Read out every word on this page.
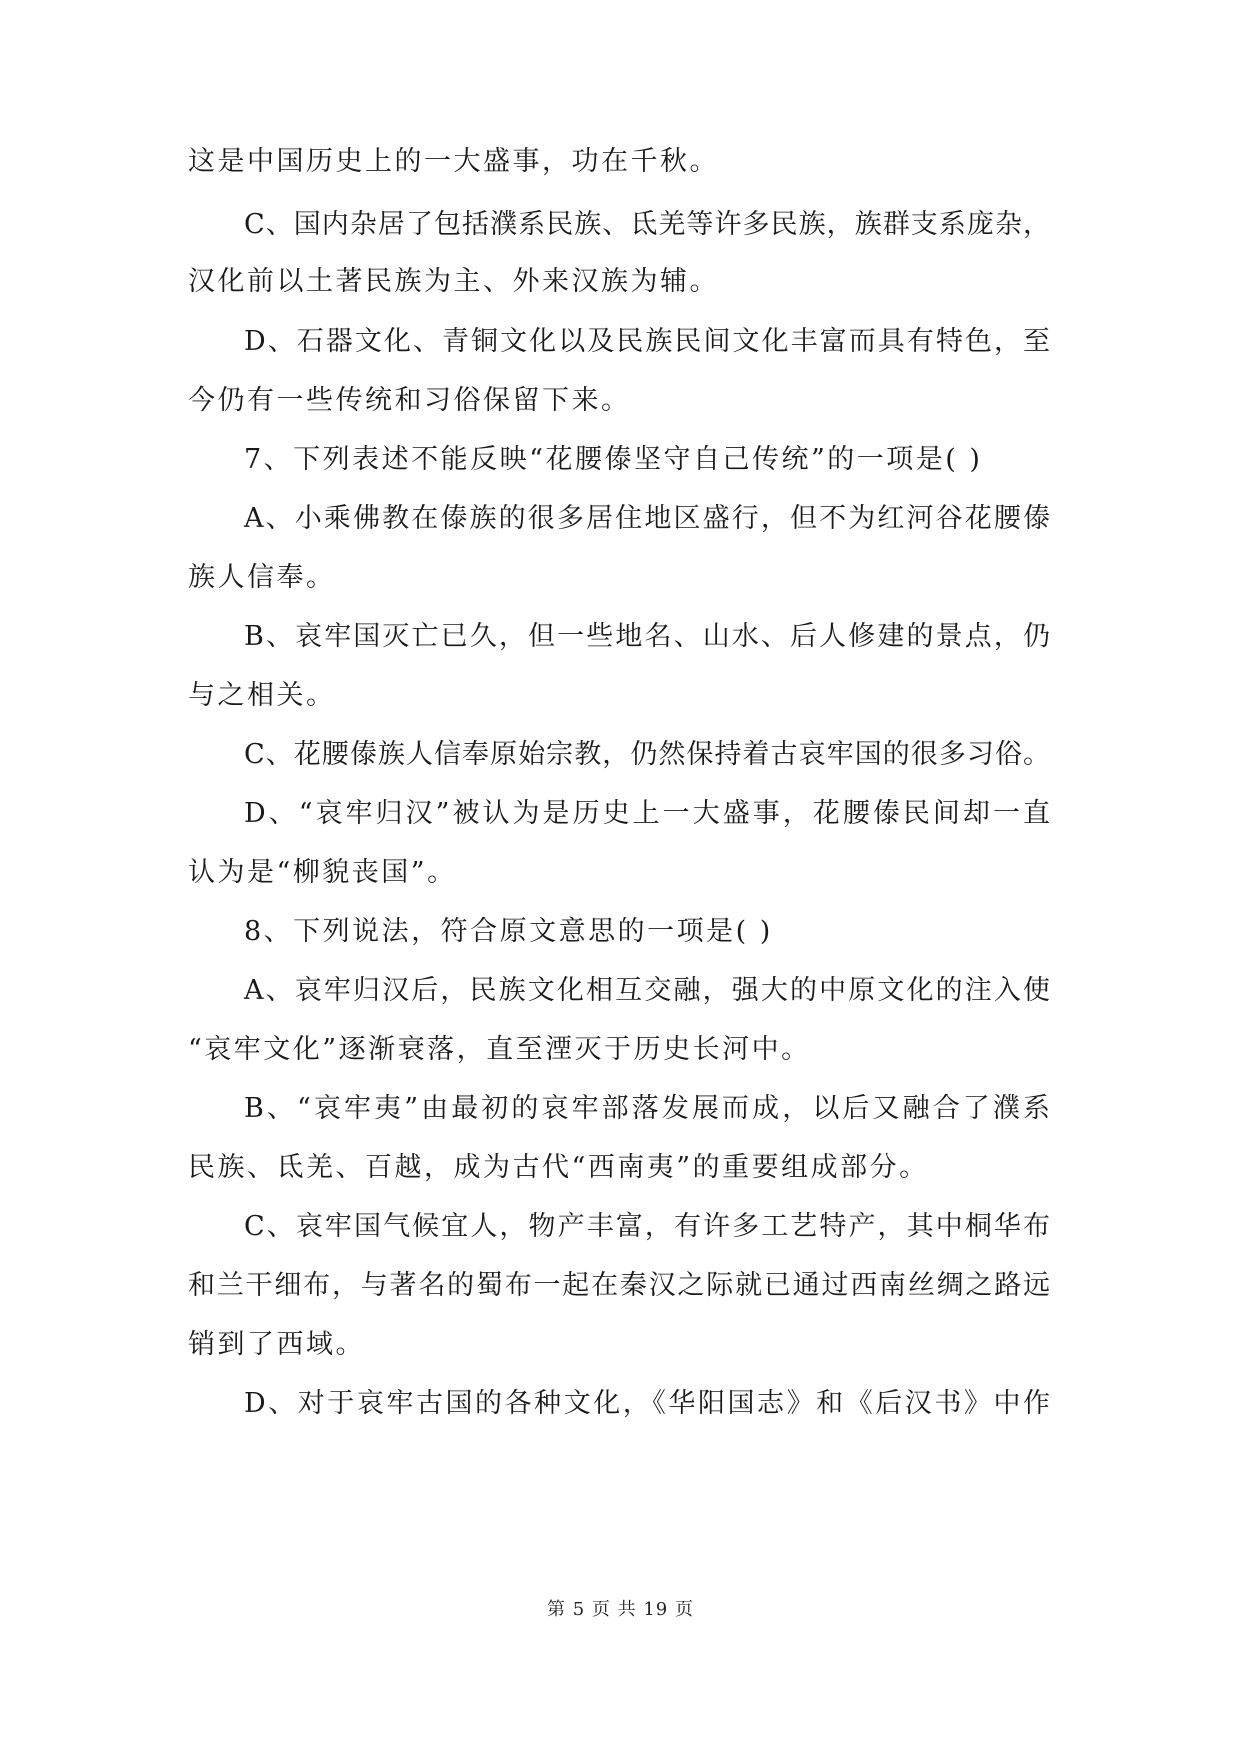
这是中国历史上的一大盛事，功在千秋。
C、国内杂居了包括濮系民族、氐羌等许多民族，族群支系庞杂，
汉化前以土著民族为主、外来汉族为辅。
D、石器文化、青铜文化以及民族民间文化丰富而具有特色，至
今仍有一些传统和习俗保留下来。
7、下列表述不能反映“花腰傣坚守自己传统”的一项是( )
A、小乘佛教在傣族的很多居住地区盛行，但不为红河谷花腰傣
族人信奉。
B、哀牢国灭亡已久，但一些地名、山水、后人修建的景点，仍
与之相关。
C、花腰傣族人信奉原始宗教，仍然保持着古哀牢国的很多习俗。
D、“哀牢归汉”被认为是历史上一大盛事，花腰傣民间却一直
认为是“柳貌丧国”。
8、下列说法，符合原文意思的一项是( )
A、哀牢归汉后，民族文化相互交融，强大的中原文化的注入使
“哀牢文化”逐渐衰落，直至湮灭于历史长河中。
B、“哀牢夷”由最初的哀牢部落发展而成，以后又融合了濮系
民族、氐羌、百越，成为古代“西南夷”的重要组成部分。
C、哀牢国气候宜人，物产丰富，有许多工艺特产，其中桐华布
和兰干细布，与著名的蜀布一起在秦汉之际就已通过西南丝绸之路远
销到了西域。
D、对于哀牢古国的各种文化，《华阳国志》和《后汉书》中作
第 5 页 共 19 页
